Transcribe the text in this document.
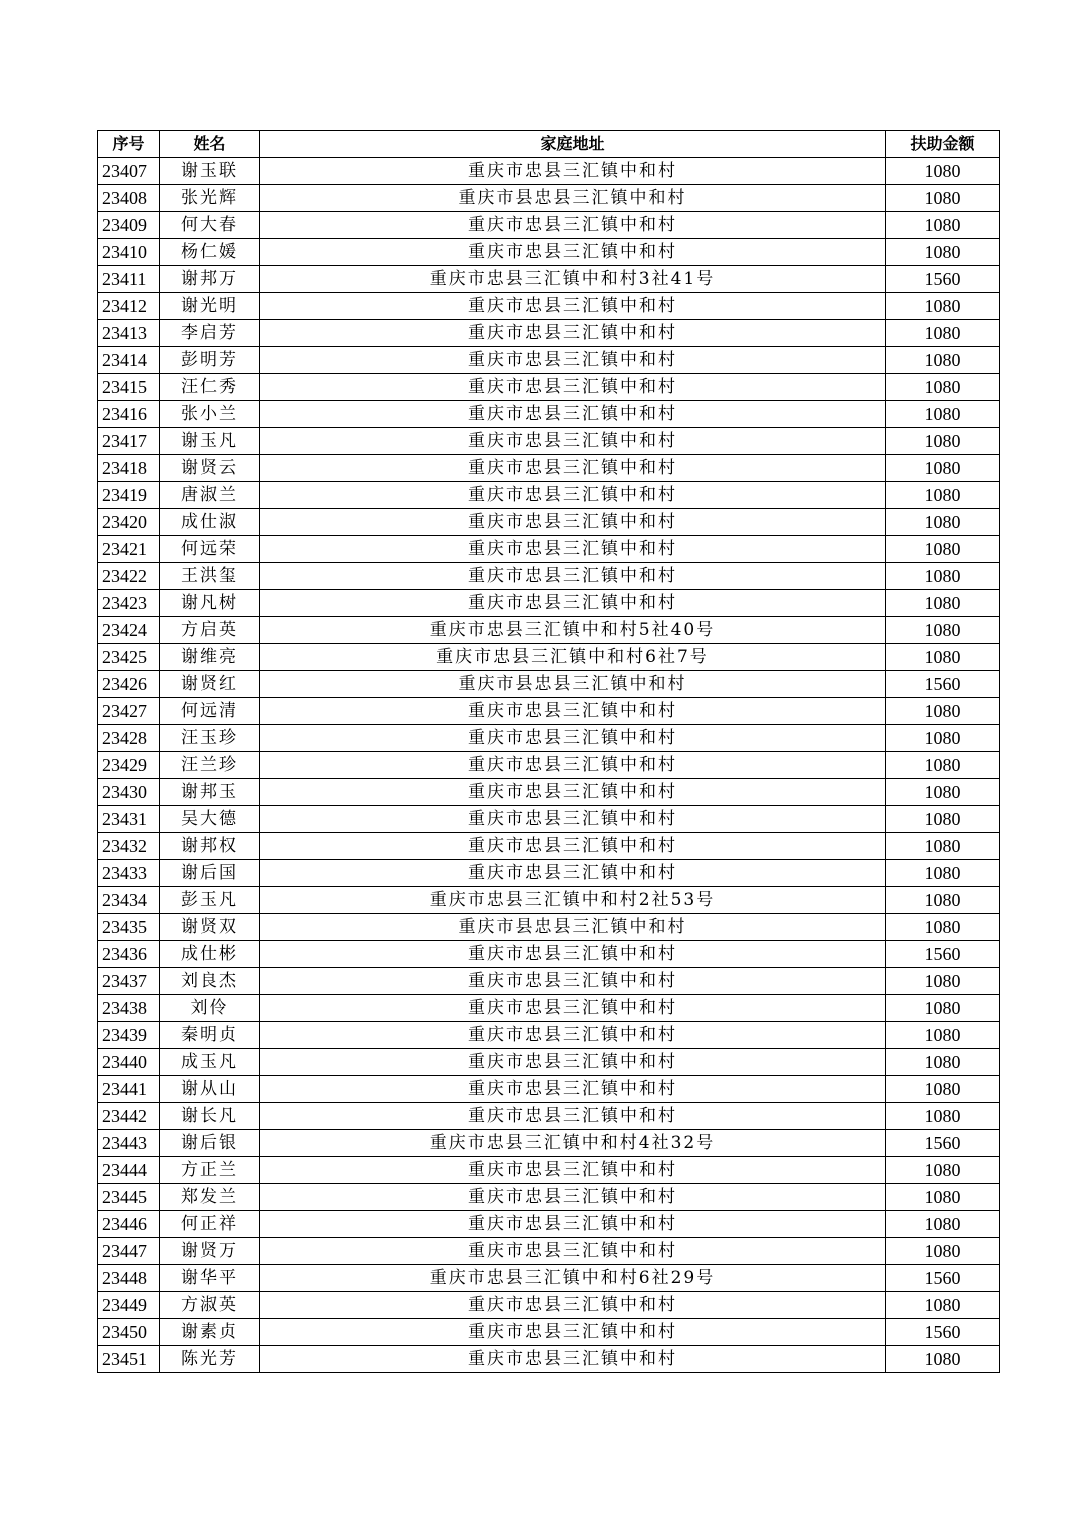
序号	姓名	家庭地址	扶助金额
23407	谢玉联	重庆市忠县三汇镇中和村	1080
23408	张光辉	重庆市县忠县三汇镇中和村	1080
23409	何大春	重庆市忠县三汇镇中和村	1080
23410	杨仁媛	重庆市忠县三汇镇中和村	1080
23411	谢邦万	重庆市忠县三汇镇中和村3社41号	1560
23412	谢光明	重庆市忠县三汇镇中和村	1080
23413	李启芳	重庆市忠县三汇镇中和村	1080
23414	彭明芳	重庆市忠县三汇镇中和村	1080
23415	汪仁秀	重庆市忠县三汇镇中和村	1080
23416	张小兰	重庆市忠县三汇镇中和村	1080
23417	谢玉凡	重庆市忠县三汇镇中和村	1080
23418	谢贤云	重庆市忠县三汇镇中和村	1080
23419	唐淑兰	重庆市忠县三汇镇中和村	1080
23420	成仕淑	重庆市忠县三汇镇中和村	1080
23421	何远荣	重庆市忠县三汇镇中和村	1080
23422	王洪玺	重庆市忠县三汇镇中和村	1080
23423	谢凡树	重庆市忠县三汇镇中和村	1080
23424	方启英	重庆市忠县三汇镇中和村5社40号	1080
23425	谢维亮	重庆市忠县三汇镇中和村6社7号	1080
23426	谢贤红	重庆市县忠县三汇镇中和村	1560
23427	何远清	重庆市忠县三汇镇中和村	1080
23428	汪玉珍	重庆市忠县三汇镇中和村	1080
23429	汪兰珍	重庆市忠县三汇镇中和村	1080
23430	谢邦玉	重庆市忠县三汇镇中和村	1080
23431	吴大德	重庆市忠县三汇镇中和村	1080
23432	谢邦权	重庆市忠县三汇镇中和村	1080
23433	谢后国	重庆市忠县三汇镇中和村	1080
23434	彭玉凡	重庆市忠县三汇镇中和村2社53号	1080
23435	谢贤双	重庆市县忠县三汇镇中和村	1080
23436	成仕彬	重庆市忠县三汇镇中和村	1560
23437	刘良杰	重庆市忠县三汇镇中和村	1080
23438	刘伶	重庆市忠县三汇镇中和村	1080
23439	秦明贞	重庆市忠县三汇镇中和村	1080
23440	成玉凡	重庆市忠县三汇镇中和村	1080
23441	谢从山	重庆市忠县三汇镇中和村	1080
23442	谢长凡	重庆市忠县三汇镇中和村	1080
23443	谢后银	重庆市忠县三汇镇中和村4社32号	1560
23444	方正兰	重庆市忠县三汇镇中和村	1080
23445	郑发兰	重庆市忠县三汇镇中和村	1080
23446	何正祥	重庆市忠县三汇镇中和村	1080
23447	谢贤万	重庆市忠县三汇镇中和村	1080
23448	谢华平	重庆市忠县三汇镇中和村6社29号	1560
23449	方淑英	重庆市忠县三汇镇中和村	1080
23450	谢素贞	重庆市忠县三汇镇中和村	1560
23451	陈光芳	重庆市忠县三汇镇中和村	1080
